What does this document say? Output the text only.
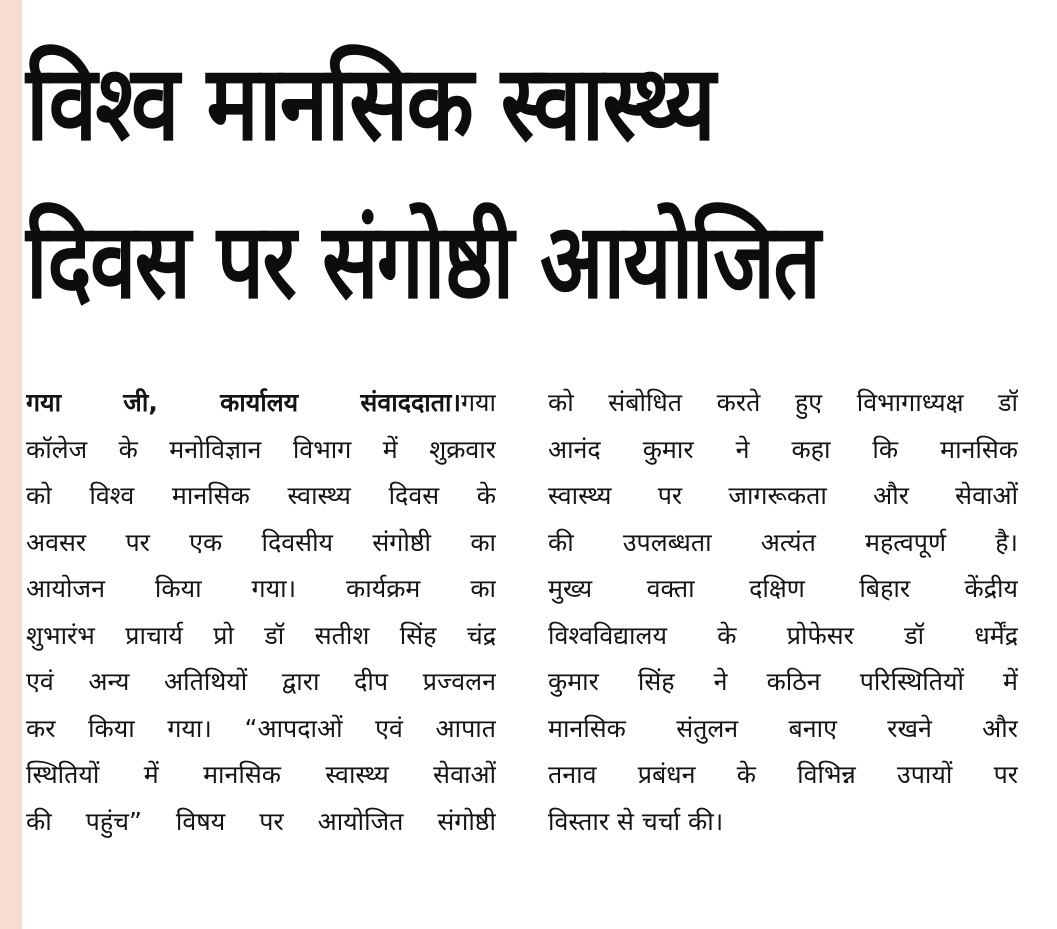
विश्व मानसिक स्वास्थ्य
दिवस पर संगोष्ठी आयोजित
गया जी, कार्यालय संवाददाता।गया
कॉलेज के मनोविज्ञान विभाग में शुक्रवार
को विश्व मानसिक स्वास्थ्य दिवस के
अवसर पर एक दिवसीय संगोष्ठी का
आयोजन किया गया। कार्यक्रम का
शुभारंभ प्राचार्य प्रो डॉ सतीश सिंह चंद्र
एवं अन्य अतिथियों द्वारा दीप प्रज्वलन
कर किया गया। “आपदाओं एवं आपात
स्थितियों में मानसिक स्वास्थ्य सेवाओं
की पहुंच” विषय पर आयोजित संगोष्ठी
को संबोधित करते हुए विभागाध्यक्ष डॉ
आनंद कुमार ने कहा कि मानसिक
स्वास्थ्य पर जागरूकता और सेवाओं
की उपलब्धता अत्यंत महत्वपूर्ण है।
मुख्य वक्ता दक्षिण बिहार केंद्रीय
विश्वविद्यालय के प्रोफेसर डॉ धर्मेंद्र
कुमार सिंह ने कठिन परिस्थितियों में
मानसिक संतुलन बनाए रखने और
तनाव प्रबंधन के विभिन्न उपायों पर
विस्तार से चर्चा की।
